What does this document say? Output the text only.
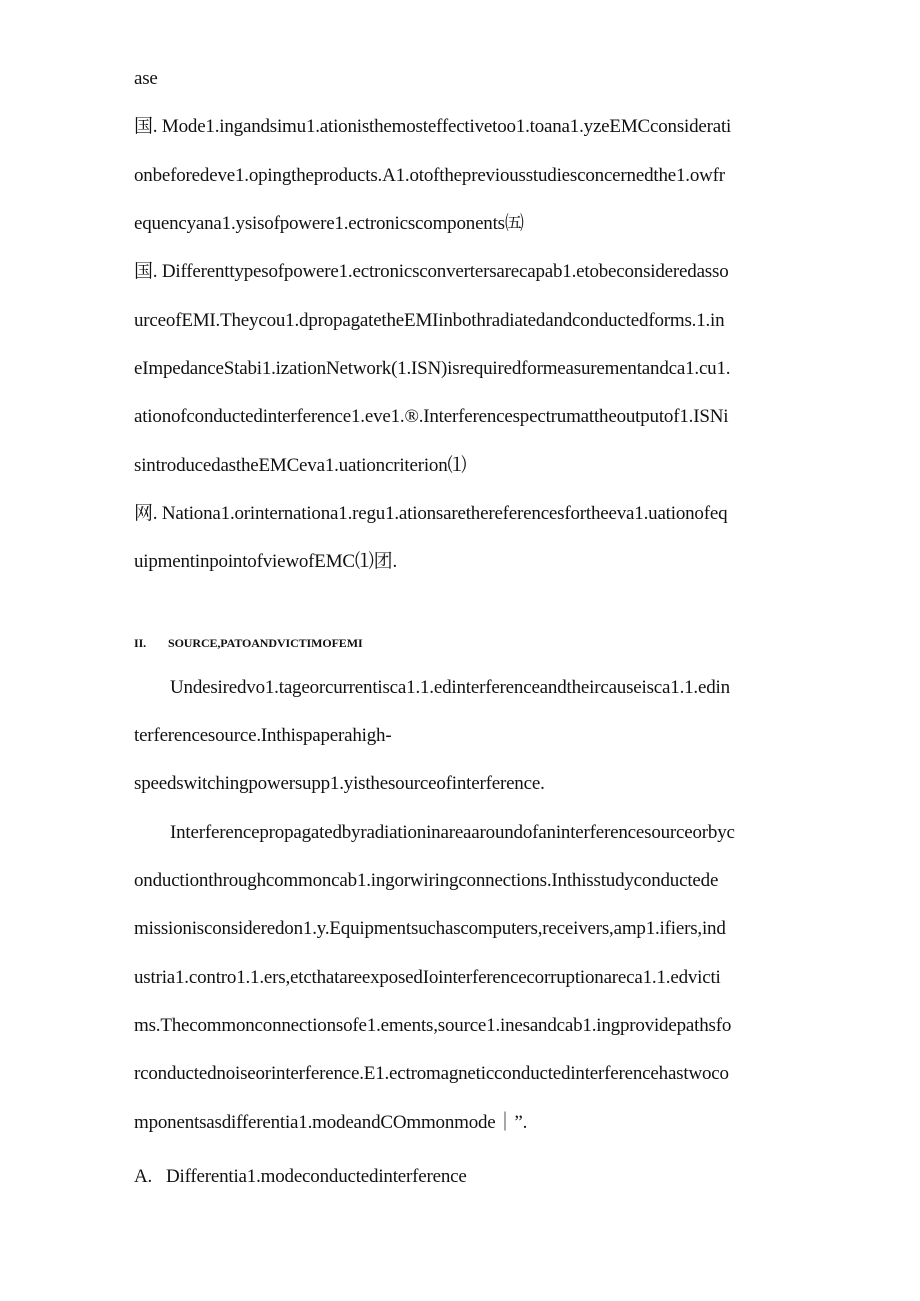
ase
国. Mode1.ingandsimu1.ationisthemosteffectivetoo1.toana1.yzeEMCconsiderati
onbeforedeve1.opingtheproducts.A1.otofthepreviousstudiesconcernedthe1.owfr
equencyana1.ysisofpowere1.ectronicscomponents㈤
国. Differenttypesofpowere1.ectronicsconvertersarecapab1.etobeconsideredasso
urceofEMI.Theycou1.dpropagatetheEMIinbothradiatedandconductedforms.1.in
eImpedanceStabi1.izationNetwork(1.ISN)isrequiredformeasurementandca1.cu1.
ationofconductedinterference1.eve1.®.Interferencespectrumattheoutputof1.ISNi
sintroducedastheEMCeva1.uationcriterion⑴
网. Nationa1.orinternationa1.regu1.ationsarethereferencesfortheeva1.uationofeq
uipmentinpointofviewofEMC⑴团.
II. SOURCE,PATOANDVICTIMOFEMI
Undesiredvo1.tageorcurrentisca1.1.edinterferenceandtheircauseisca1.1.edin
terferencesource.Inthispaperahigh-
speedswitchingpowersupp1.yisthesourceofinterference.
Interferencepropagatedbyradiationinareaaroundofaninterferencesourceorbyc
onductionthroughcommoncab1.ingorwiringconnections.Inthisstudyconductede
missionisconsideredon1.y.Equipmentsuchascomputers,receivers,amp1.ifiers,ind
ustria1.contro1.1.ers,etcthatareexposedIointerferencecorruptionareca1.1.edvicti
ms.Thecommonconnectionsofe1.ements,source1.inesandcab1.ingprovidepathsfo
rconductednoiseorinterference.E1.ectromagneticconductedinterferencehastwoco
mponentsasdifferentia1.modeandCOmmonmode｜”.
A. Differentia1.modeconductedinterference
